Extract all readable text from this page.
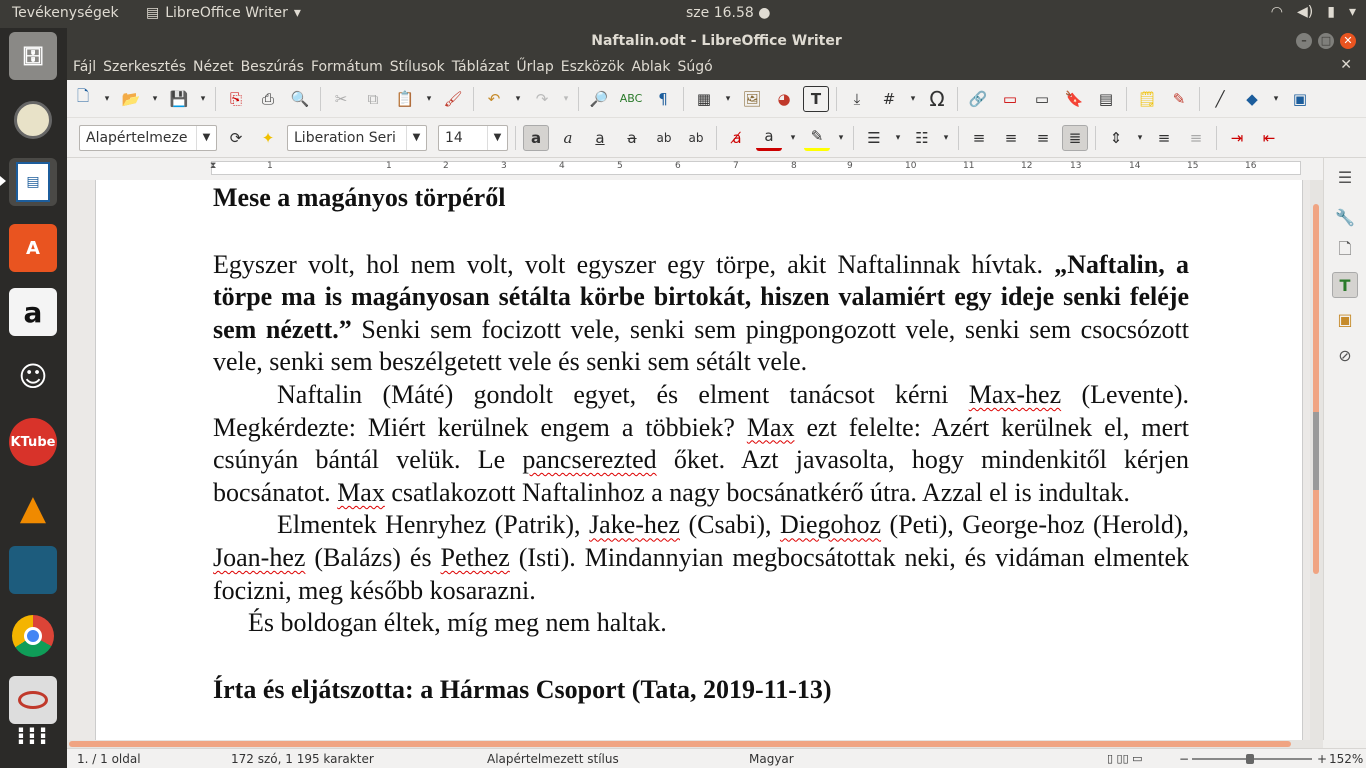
Tevékenységek ▤ LibreOffice Writer ▾	sze 16.58 ●	◠ ◀) ▮ ▾
🗄
▤
A
a
☺
KTube
▲
⁝⁝⁝
Naftalin.odt - LibreOffice Writer	–	□	✕
Fájl Szerkesztés Nézet Beszúrás Formátum Stílusok Táblázat Űrlap Eszközök Ablak Súgó	✕
🗋	▾ 📂	▾ 💾	▾	⎘	⎙	🔍	✂	⧉	📋	▾ 🖌	↶	▾	↷	▾ 🔎	ABC	¶	▦	▾ 🖼	◕	T	⤓	#	▾ Ω	🔗	▭	▭	🔖	▤	🗒	✎	╱	◆	▾ ▣
Alapértelmeze	▼	⟳	✦	Liberation Seri	▼	14	▼	a	a	a	a	ab	ab	a̸	a	▾	✎	▾	☰	▾	☷	▾	≡	≡	≡	≣	⇕	▾	≡	≡	⇥	⇤
⧗	1	1	2	3	4	5	6	7	8	9	10	11	12	13	14	15	16

Mese a magányos törpéről

Egyszer volt, hol nem volt, volt egyszer egy törpe, akit Naftalinnak hívtak. „Naftalin, a törpe ma is magányosan sétálta körbe birtokát, hiszen valamiért egy ideje senki feléje sem nézett.” Senki sem focizott vele, senki sem pingpongozott vele, senki sem csocsózott vele, senki sem beszélgetett vele és senki sem sétált vele.

Naftalin (Máté) gondolt egyet, és elment tanácsot kérni Max-hez (Levente). Megkérdezte: Miért kerülnek engem a többiek? Max ezt felelte: Azért kerülnek el, mert csúnyán bántál velük. Le pancserezted őket. Azt javasolta, hogy mindenkitől kérjen bocsánatot. Max csatlakozott Naftalinhoz a nagy bocsánatkérő útra. Azzal el is indultak.

Elmentek Henryhez (Patrik), Jake-hez (Csabi), Diegohoz (Peti), George-hoz (Herold), Joan-hez (Balázs) és Pethez (Isti). Mindannyian megbocsátottak neki, és vidáman elmentek focizni, meg később kosarazni.

És boldogan éltek, míg meg nem haltak.

Írta és eljátszotta: a Hármas Csoport (Tata, 2019-11-13)

☰
🔧
🗋
T
▣
⊘
1. / 1 oldal	172 szó, 1 195 karakter	Alapértelmezett stílus	Magyar	▯ ▯▯ ▭	−	+ 152%
